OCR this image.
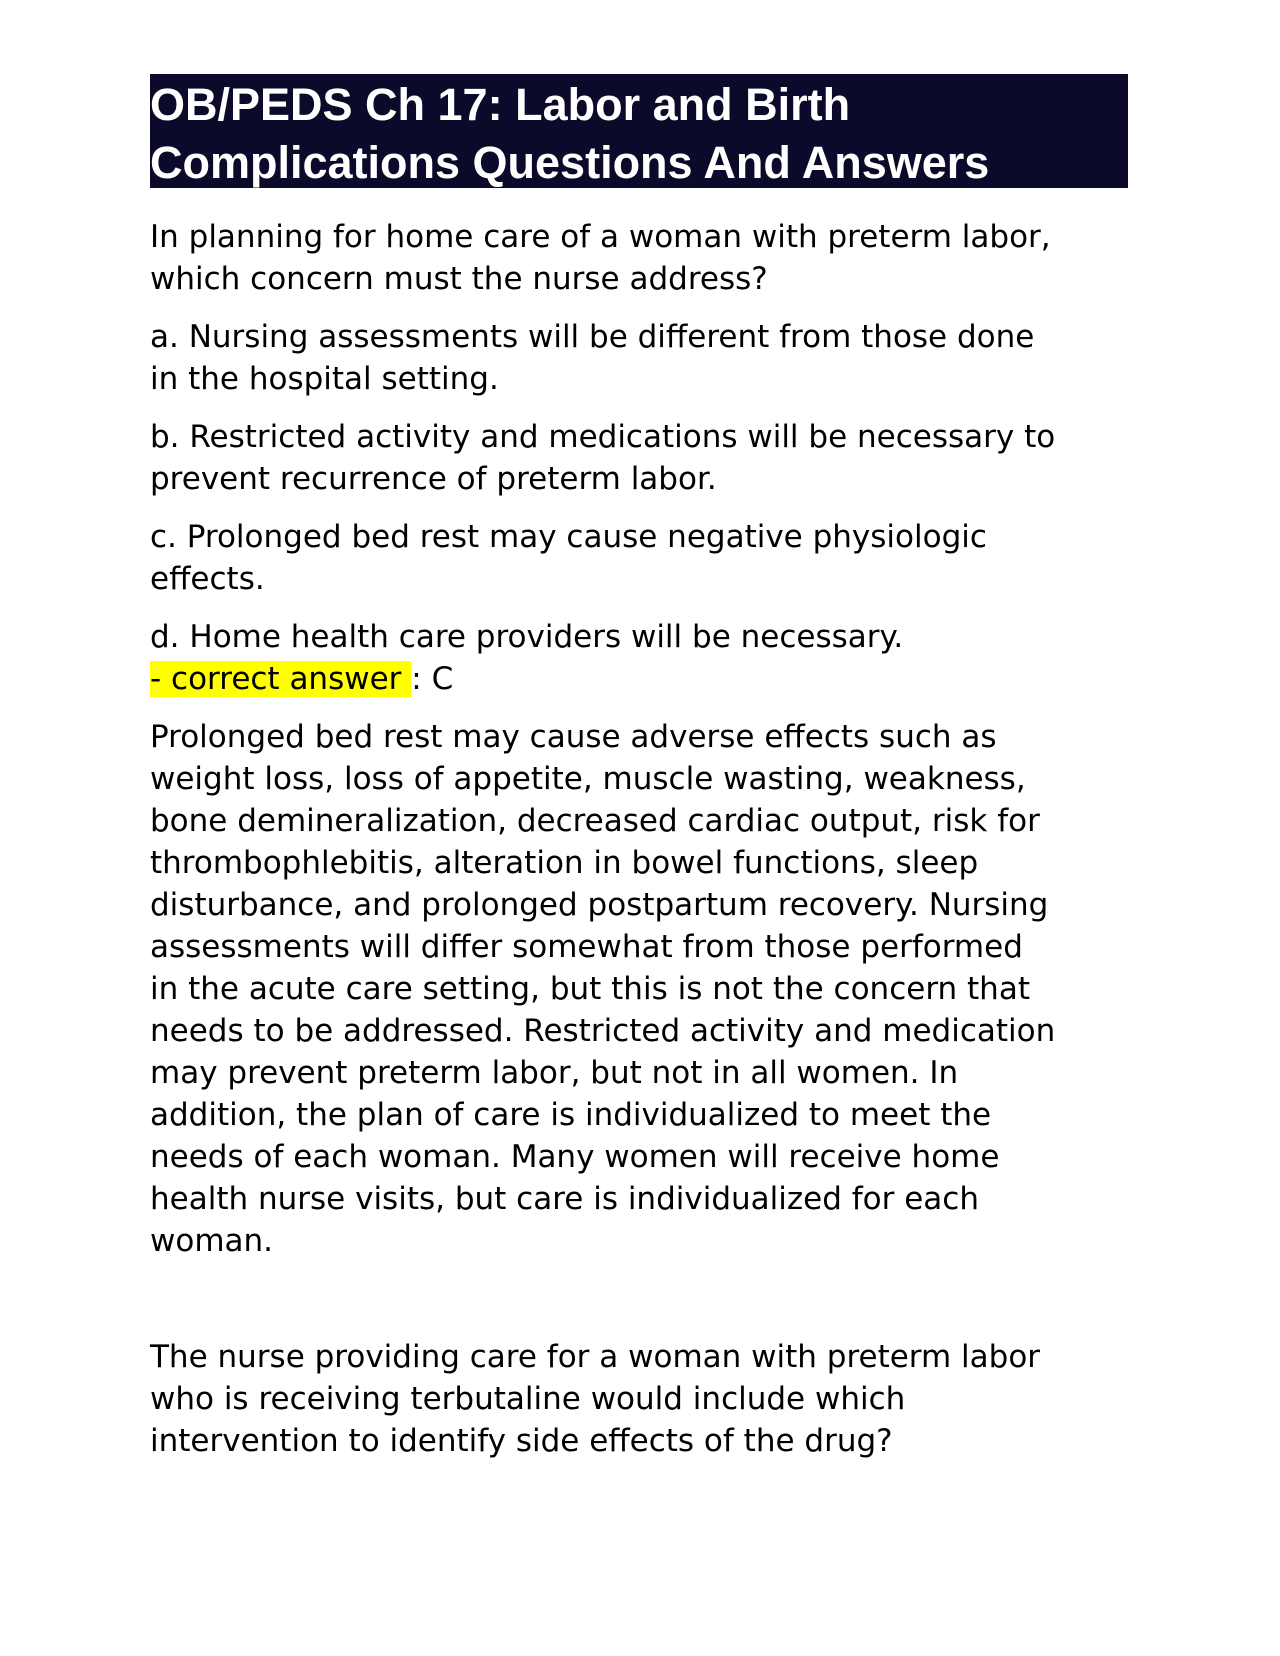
OB/PEDS Ch 17: Labor and Birth
Complications Questions And Answers

In planning for home care of a woman with preterm labor,
which concern must the nurse address?

a. Nursing assessments will be different from those done
in the hospital setting.

b. Restricted activity and medications will be necessary to
prevent recurrence of preterm labor.

c. Prolonged bed rest may cause negative physiologic
effects.

d. Home health care providers will be necessary.

- correct answer : C

Prolonged bed rest may cause adverse effects such as
weight loss, loss of appetite, muscle wasting, weakness,
bone demineralization, decreased cardiac output, risk for
thrombophlebitis, alteration in bowel functions, sleep
disturbance, and prolonged postpartum recovery. Nursing
assessments will differ somewhat from those performed
in the acute care setting, but this is not the concern that
needs to be addressed. Restricted activity and medication
may prevent preterm labor, but not in all women. In
addition, the plan of care is individualized to meet the
needs of each woman. Many women will receive home
health nurse visits, but care is individualized for each
woman.

The nurse providing care for a woman with preterm labor
who is receiving terbutaline would include which
intervention to identify side effects of the drug?
